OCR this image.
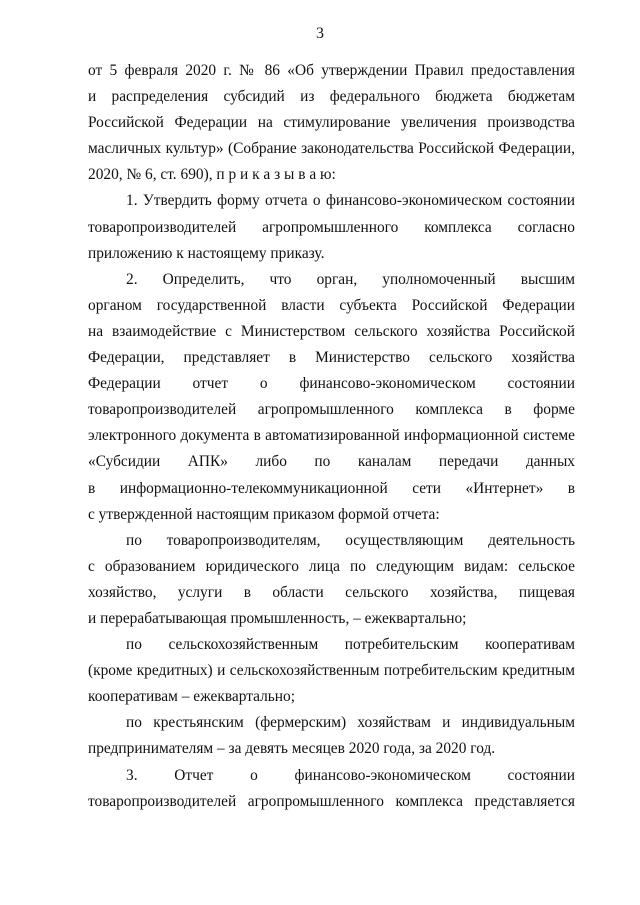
3
от 5 февраля 2020 г. № 86 «Об утверждении Правил предоставления
и распределения субсидий из федерального бюджета бюджетам
Российской Федерации на стимулирование увеличения производства
масличных культур» (Собрание законодательства Российской Федерации,
2020, № 6, ст. 690), п р и к а з ы в а ю:
1. Утвердить форму отчета о финансово-экономическом состоянии
товаропроизводителей агропромышленного комплекса согласно
приложению к настоящему приказу.
2. Определить, что орган, уполномоченный высшим
органом государственной власти субъекта Российской Федерации
на взаимодействие с Министерством сельского хозяйства Российской
Федерации, представляет в Министерство сельского хозяйства
Федерации отчет о финансово-экономическом состоянии
товаропроизводителей агропромышленного комплекса в форме
электронного документа в автоматизированной информационной системе
«Субсидии АПК» либо по каналам передачи данных
в информационно-телекоммуникационной сети «Интернет» в
с утвержденной настоящим приказом формой отчета:
по товаропроизводителям, осуществляющим деятельность
с образованием юридического лица по следующим видам: сельское
хозяйство, услуги в области сельского хозяйства, пищевая
и перерабатывающая промышленность, – ежеквартально;
по сельскохозяйственным потребительским кооперативам
(кроме кредитных) и сельскохозяйственным потребительским кредитным
кооперативам – ежеквартально;
по крестьянским (фермерским) хозяйствам и индивидуальным
предпринимателям – за девять месяцев 2020 года, за 2020 год.
3. Отчет о финансово-экономическом состоянии
товаропроизводителей агропромышленного комплекса представляется
